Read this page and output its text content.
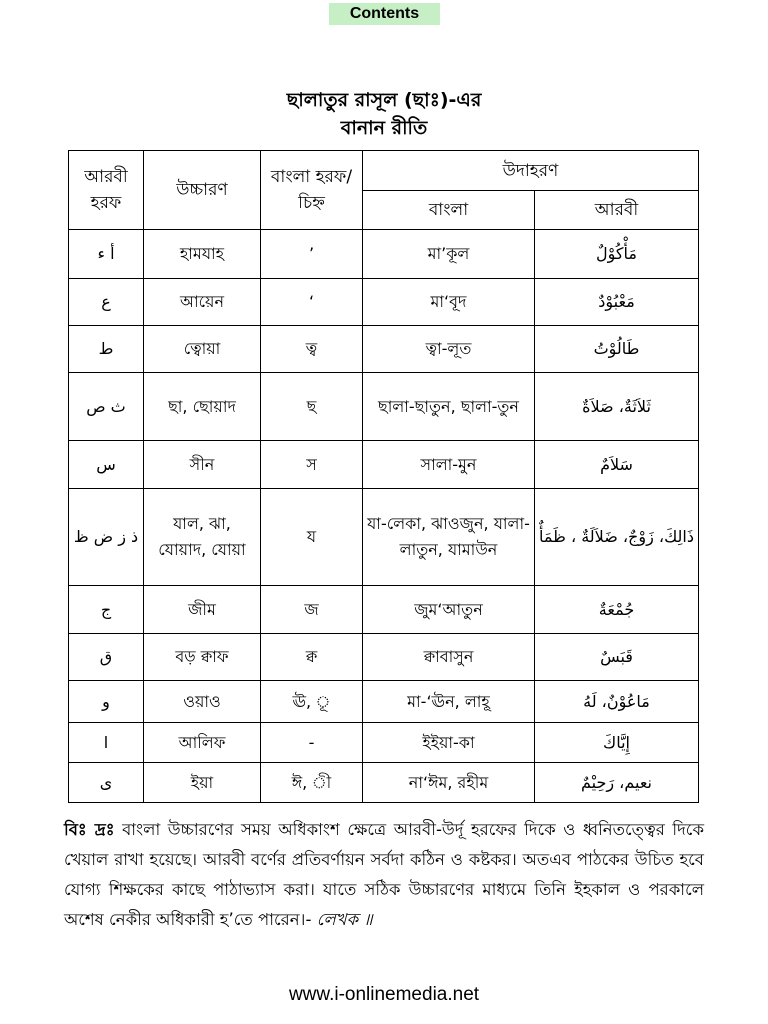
Contents
ছালাতুর রাসূল (ছাঃ)-এর
বানান রীতি
আরবী হরফ	উচ্চারণ	বাংলা হরফ/চিহ্ন	উদাহরণ	
			বাংলা	আরবী
أ ء	হামযাহ	’	মা’কূল	مَأْكُوْلٌ
ع	আয়েন	‘	মা‘বূদ	مَعْبُوْدٌ
ط	ত্বোয়া	ত্ব	ত্বা-লূত	طَالُوْتُ
ث ص	ছা, ছোয়াদ	ছ	ছালা-ছাতুন, ছালা-তুন	ثَلاَثَةٌ، صَلاَةٌ
س	সীন	স	সালা-মুন	سَلاَمٌ
ذ ز ض ظ	যাল, ঝা, যোয়াদ, যোয়া	য	যা-লেকা, ঝাওজুন, যালা-লাতুন, যামাউন	ذَالِكَ، زَوْجٌ، ضَلاَلَةٌ ، ظَمَأٌ
ج	জীম	জ	জুম‘আতুন	جُمْعَةٌ
ق	বড় ক্বাফ	ক্ব	ক্বাবাসুন	قَبَسٌ
و	ওয়াও	ঊ, ূ	মা-‘ঊন, লাহূ	مَاعُوْنٌ، لَهُ
ا	আলিফ	-	ইইয়া-কা	إِيَّاكَ
ى	ইয়া	ঈ, ী	না‘ঈম, রহীম	نعيم، رَحِيْمٌ
বিঃ দ্রঃ বাংলা উচ্চারণের সময় অধিকাংশ ক্ষেত্রে আরবী-উর্দূ হরফের দিকে ও ধ্বনিতত্ত্বের দিকে খেয়াল রাখা হয়েছে। আরবী বর্ণের প্রতিবর্ণায়ন সর্বদা কঠিন ও কষ্টকর। অতএব পাঠকের উচিত হবে যোগ্য শিক্ষকের কাছে পাঠাভ্যাস করা। যাতে সঠিক উচ্চারণের মাধ্যমে তিনি ইহকাল ও পরকালে অশেষ নেকীর অধিকারী হ’তে পারেন।- লেখক ॥
www.i-onlinemedia.net
